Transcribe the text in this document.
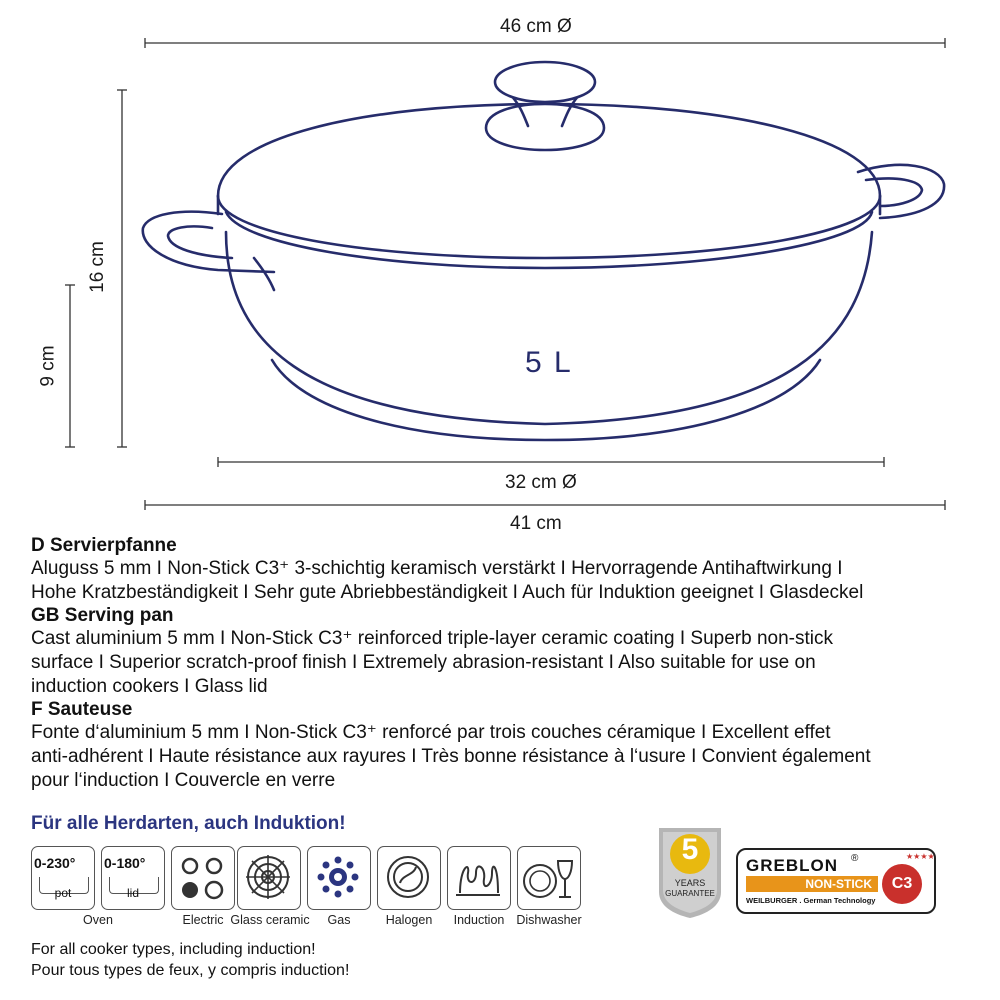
46 cm Ø
16 cm
9 cm	5 L
32 cm Ø
41 cm
D Servierpfanne
Aluguss 5 mm I Non-Stick C3⁺ 3-schichtig keramisch verstärkt I Hervorragende Antihaftwirkung I
Hohe Kratzbeständigkeit I Sehr gute Abriebbeständigkeit I Auch für Induktion geeignet I Glasdeckel
GB Serving pan
Cast aluminium 5 mm I Non-Stick C3⁺ reinforced triple-layer ceramic coating I Superb non-stick
surface I Superior scratch-proof finish I Extremely abrasion-resistant I Also suitable for use on
induction cookers I Glass lid
F Sauteuse
Fonte d‘aluminium 5 mm I Non-Stick C3⁺ renforcé par trois couches céramique I Excellent effet
anti-adhérent I Haute résistance aux rayures I Très bonne résistance à l‘usure I Convient également
pour l‘induction I Couvercle en verre
Für alle Herdarten, auch Induktion!
0-230°
pot
0-180°
lid
Oven	Electric Glass ceramic	Gas	Halogen	Induction Dishwasher
5
YEARS
GUARANTEE
GREBLON ®
NON-STICK	C3
★★★★
WEILBURGER . German Technology
For all cooker types, including induction!
Pour tous types de feux, y compris induction!
